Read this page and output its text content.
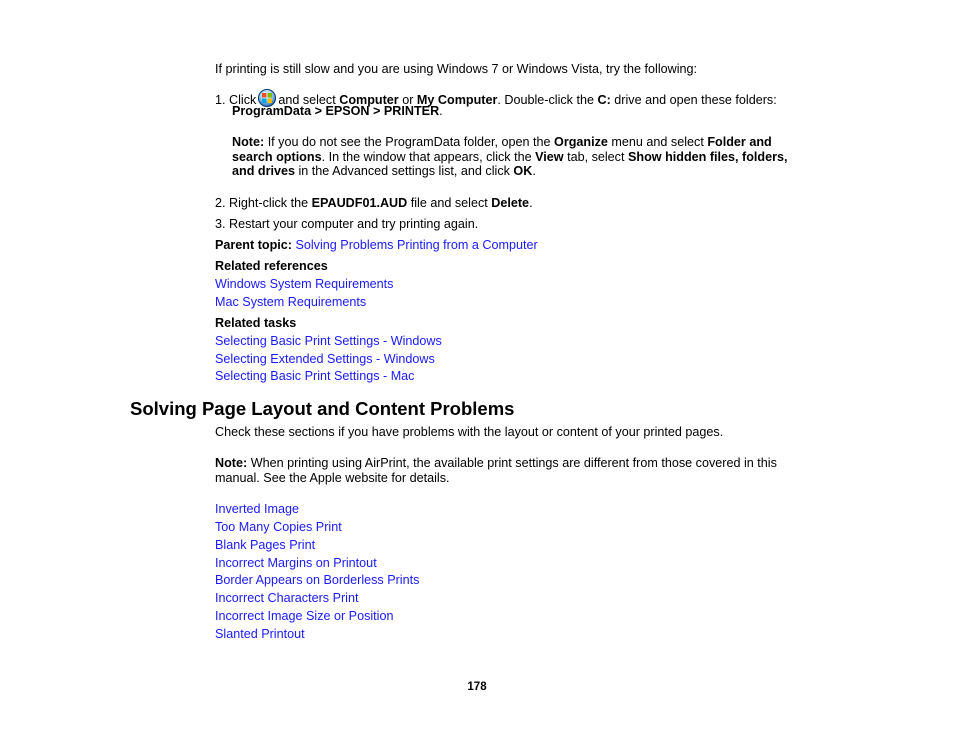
If printing is still slow and you are using Windows 7 or Windows Vista, try the following:
1. Click and select Computer or My Computer. Double-click the C: drive and open these folders:
ProgramData > EPSON > PRINTER.
Note: If you do not see the ProgramData folder, open the Organize menu and select Folder and
search options. In the window that appears, click the View tab, select Show hidden files, folders,
and drives in the Advanced settings list, and click OK.
2. Right-click the EPAUDF01.AUD file and select Delete.
3. Restart your computer and try printing again.
Parent topic: Solving Problems Printing from a Computer
Related references
Windows System Requirements
Mac System Requirements
Related tasks
Selecting Basic Print Settings - Windows
Selecting Extended Settings - Windows
Selecting Basic Print Settings - Mac
Solving Page Layout and Content Problems
Check these sections if you have problems with the layout or content of your printed pages.
Note: When printing using AirPrint, the available print settings are different from those covered in this
manual. See the Apple website for details.
Inverted Image
Too Many Copies Print
Blank Pages Print
Incorrect Margins on Printout
Border Appears on Borderless Prints
Incorrect Characters Print
Incorrect Image Size or Position
Slanted Printout
178
